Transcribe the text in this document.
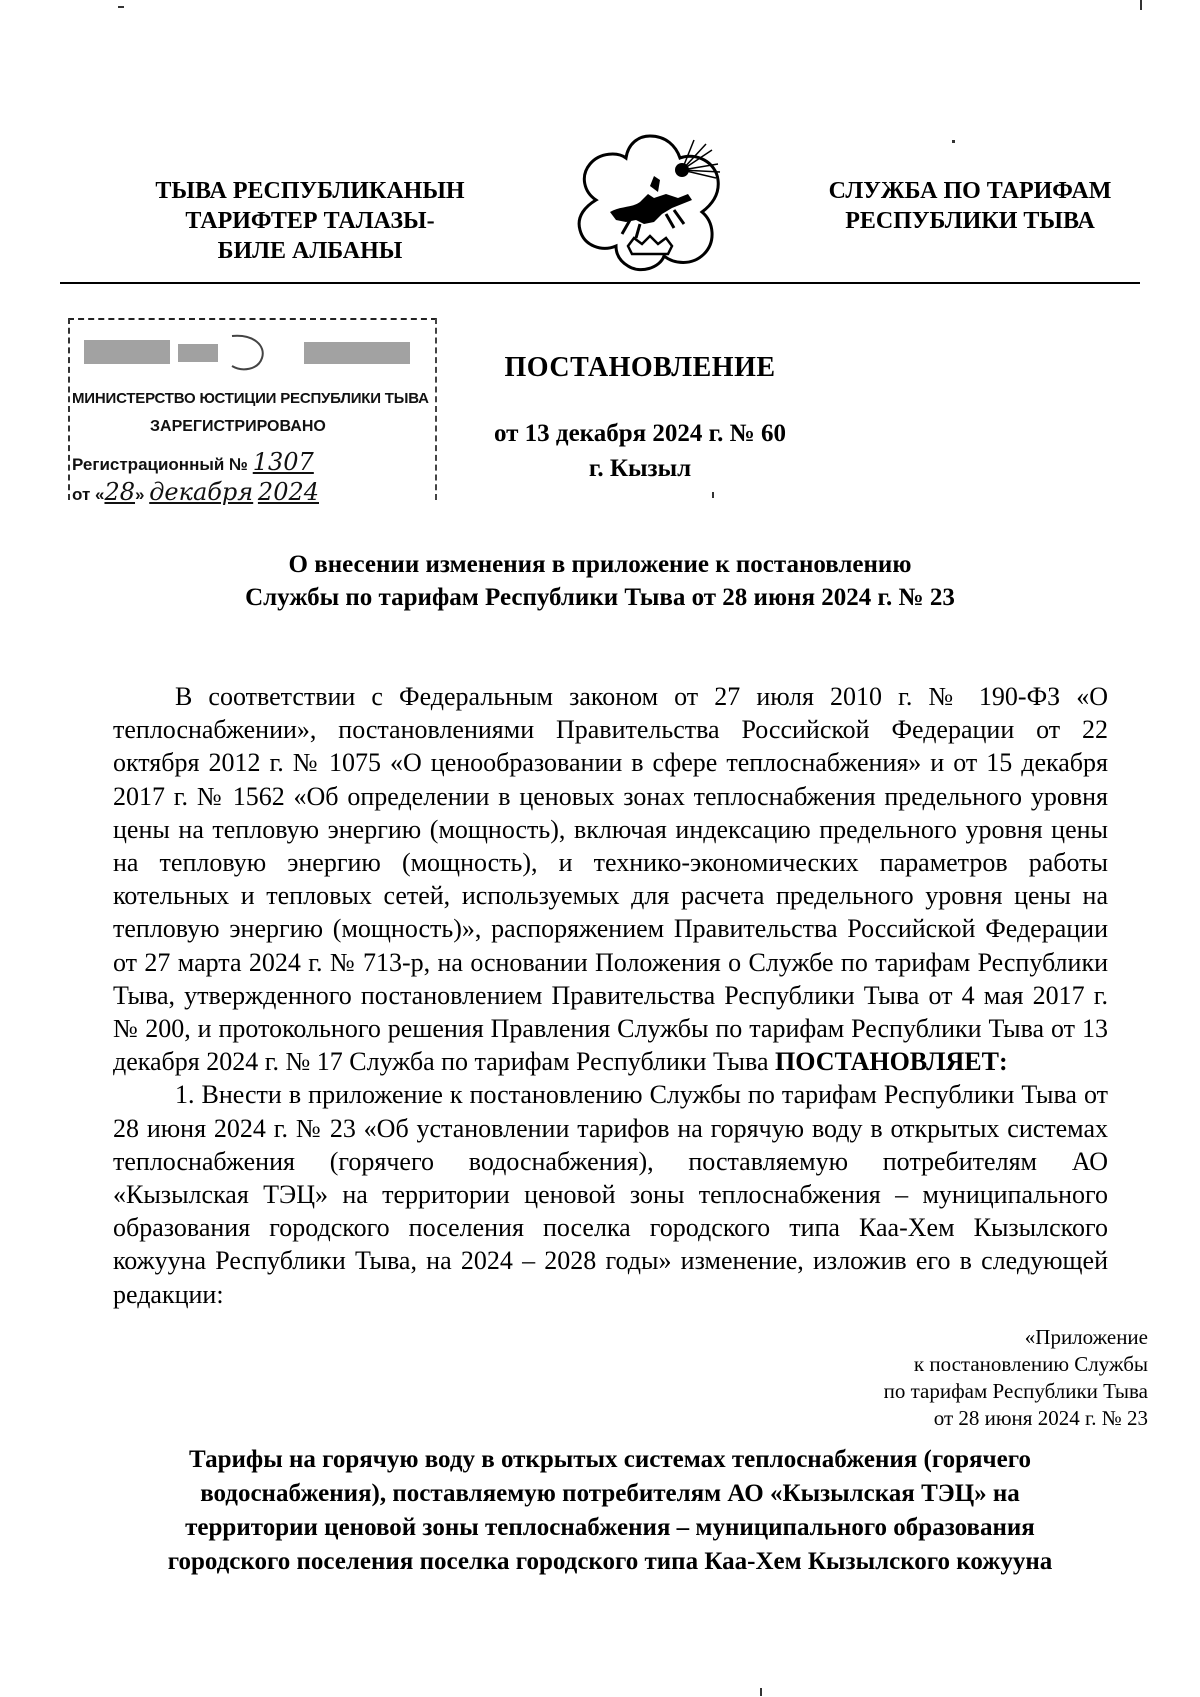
ТЫВА РЕСПУБЛИКАНЫН
ТАРИФТЕР ТАЛАЗЫ-
БИЛЕ АЛБАНЫ
СЛУЖБА ПО ТАРИФАМ
РЕСПУБЛИКИ ТЫВА
МИНИСТЕРСТВО ЮСТИЦИИ РЕСПУБЛИКИ ТЫВА
ЗАРЕГИСТРИРОВАНО
Регистрационный № 1307
от «28» декабря 2024
ПОСТАНОВЛЕНИЕ
от 13 декабря 2024 г. № 60
г. Кызыл
О внесении изменения в приложение к постановлению
Службы по тарифам Республики Тыва от 28 июня 2024 г. № 23

В соответствии с Федеральным законом от 27 июля 2010 г. № 190-ФЗ «О теплоснабжении», постановлениями Правительства Российской Федерации от 22 октября 2012 г. № 1075 «О ценообразовании в сфере теплоснабжения» и от 15 декабря 2017 г. № 1562 «Об определении в ценовых зонах теплоснабжения предельного уровня цены на тепловую энергию (мощность), включая индексацию предельного уровня цены на тепловую энергию (мощность), и технико-экономических параметров работы котельных и тепловых сетей, используемых для расчета предельного уровня цены на тепловую энергию (мощность)», распоряжением Правительства Российской Федерации от 27 марта 2024 г. № 713-р, на основании Положения о Службе по тарифам Республики Тыва, утвержденного постановлением Правительства Республики Тыва от 4 мая 2017 г. № 200, и протокольного решения Правления Службы по тарифам Республики Тыва от 13 декабря 2024 г. № 17 Служба по тарифам Республики Тыва ПОСТАНОВЛЯЕТ:

1. Внести в приложение к постановлению Службы по тарифам Республики Тыва от 28 июня 2024 г. № 23 «Об установлении тарифов на горячую воду в открытых системах теплоснабжения (горячего водоснабжения), поставляемую потребителям АО «Кызылская ТЭЦ» на территории ценовой зоны теплоснабжения – муниципального образования городского поселения поселка городского типа Каа-Хем Кызылского кожууна Республики Тыва, на 2024 – 2028 годы» изменение, изложив его в следующей редакции:

«Приложение
к постановлению Службы
по тарифам Республики Тыва
от 28 июня 2024 г. № 23
Тарифы на горячую воду в открытых системах теплоснабжения (горячего
водоснабжения), поставляемую потребителям АО «Кызылская ТЭЦ» на
территории ценовой зоны теплоснабжения – муниципального образования
городского поселения поселка городского типа Каа-Хем Кызылского кожууна
